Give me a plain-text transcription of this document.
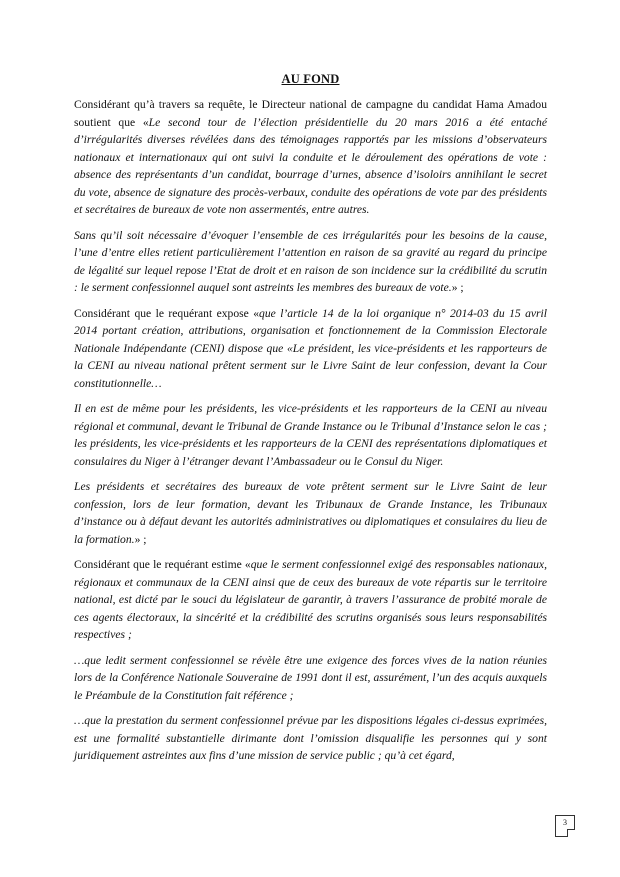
AU FOND

Considérant qu’à travers sa requête, le Directeur national de campagne du candidat Hama Amadou soutient que «Le second tour de l’élection présidentielle du 20 mars 2016 a été entaché d’irrégularités diverses révélées dans des témoignages rapportés par les missions d’observateurs nationaux et internationaux qui ont suivi la conduite et le déroulement des opérations de vote : absence des représentants d’un candidat, bourrage d’urnes, absence d’isoloirs annihilant le secret du vote, absence de signature des procès-verbaux, conduite des opérations de vote par des présidents et secrétaires de bureaux de vote non assermentés, entre autres.

Sans qu’il soit nécessaire d’évoquer l’ensemble de ces irrégularités pour les besoins de la cause, l’une d’entre elles retient particulièrement l’attention en raison de sa gravité au regard du principe de légalité sur lequel repose l’Etat de droit et en raison de son incidence sur la crédibilité du scrutin : le serment confessionnel auquel sont astreints les membres des bureaux de vote.» ;

Considérant que le requérant expose «que l’article 14 de la loi organique n° 2014-03 du 15 avril 2014 portant création, attributions, organisation et fonctionnement de la Commission Electorale Nationale Indépendante (CENI) dispose que «Le président, les vice-présidents et les rapporteurs de la CENI au niveau national prêtent serment sur le Livre Saint de leur confession, devant la Cour constitutionnelle…

Il en est de même pour les présidents, les vice-présidents et les rapporteurs de la CENI au niveau régional et communal, devant le Tribunal de Grande Instance ou le Tribunal d’Instance selon le cas ; les présidents, les vice-présidents et les rapporteurs de la CENI des représentations diplomatiques et consulaires du Niger à l’étranger devant l’Ambassadeur ou le Consul du Niger.

Les présidents et secrétaires des bureaux de vote prêtent serment sur le Livre Saint de leur confession, lors de leur formation, devant les Tribunaux de Grande Instance, les Tribunaux d’instance ou à défaut devant les autorités administratives ou diplomatiques et consulaires du lieu de la formation.» ;

Considérant que le requérant estime «que le serment confessionnel exigé des responsables nationaux, régionaux et communaux de la CENI ainsi que de ceux des bureaux de vote répartis sur le territoire national, est dicté par le souci du législateur de garantir, à travers l’assurance de probité morale de ces agents électoraux, la sincérité et la crédibilité des scrutins organisés sous leurs responsabilités respectives ;

…que ledit serment confessionnel se révèle être une exigence des forces vives de la nation réunies lors de la Conférence Nationale Souveraine de 1991 dont il est, assurément, l’un des acquis auxquels le Préambule de la Constitution fait référence ;

…que la prestation du serment confessionnel prévue par les dispositions légales ci-dessus exprimées, est une formalité substantielle dirimante dont l’omission disqualifie les personnes qui y sont juridiquement astreintes aux fins d’une mission de service public ; qu’à cet égard,

3
